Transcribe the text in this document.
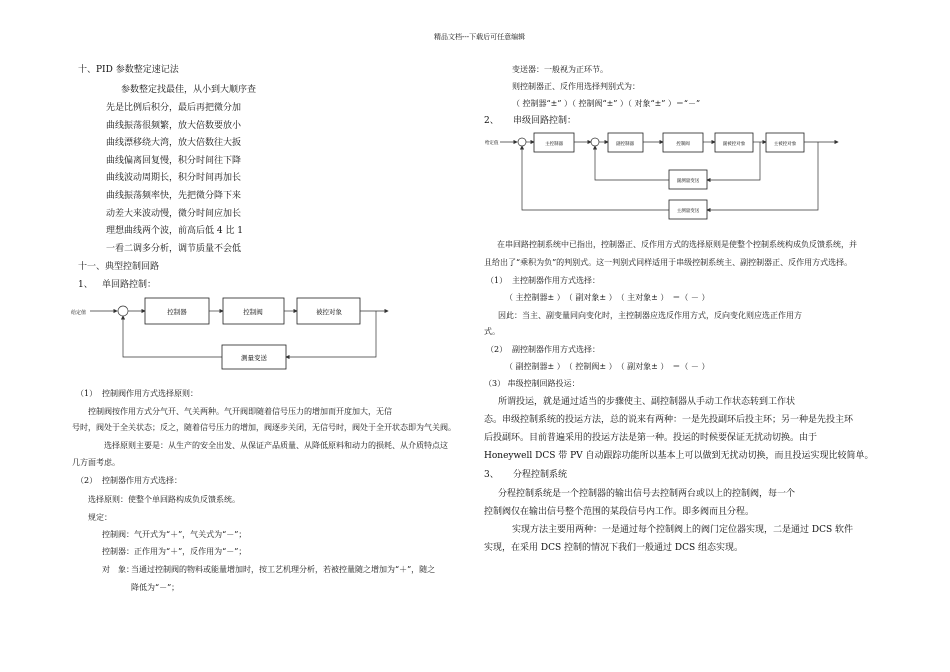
精品文档---下载后可任意编辑
十、PID 参数整定速记法
参数整定找最佳，从小到大顺序查
先是比例后积分，最后再把微分加
曲线振荡很频繁，放大倍数要放小
曲线漂移绕大湾，放大倍数往大扳
曲线偏离回复慢，积分时间往下降
曲线波动周期长，积分时间再加长
曲线振荡频率快，先把微分降下来
动差大来波动慢，微分时间应加长
理想曲线两个波，前高后低 4 比 1
一看二调多分析，调节质量不会低
十一、典型控制回路
1、 单回路控制：
给定值	控制器	控制阀	被控对象
测量变送
（1） 控制阀作用方式选择原则：
控制阀按作用方式分气开、气关两种。气开阀即随着信号压力的增加而开度加大，无信
号时，阀处于全关状态；反之，随着信号压力的增加，阀逐步关闭，无信号时，阀处于全开状态即为气关阀。
选择原则主要是：从生产的安全出发、从保证产品质量、从降低原料和动力的损耗、从介质特点这
几方面考虑。
（2） 控制器作用方式选择：
选择原则：使整个单回路构成负反馈系统。
规定：
控制阀：气开式为“＋”，气关式为“－”；
控制器：正作用为“＋”，反作用为“－”；
对　象：
当通过控制阀的物料或能量增加时，按工艺机理分析，若被控量随之增加为“＋”，随之
降低为“－”；
变送器：一般视为正环节。
则控制器正、反作用选择判别式为：
（ 控制器“±” ）（ 控制阀“±” ）（ 对象“±” ）＝“－”
2、 串级回路控制：
给定值	主控制器	副控制器	控制阀	副被控对象	主被控对象
副测量变送
主测量变送
在串回路控制系统中已指出，控制器正、反作用方式的选择原则是使整个控制系统构成负反馈系统，并
且给出了“乘积为负”的判别式。这一判别式同样适用于串级控制系统主、副控制器正、反作用方式选择。
（1） 主控制器作用方式选择：
（ 主控制器± ）　（ 副对象± ）　（ 主对象± ）　＝（ － ）
因此：当主、副变量同向变化时，主控制器应选反作用方式，反向变化则应选正作用方
式。
（2） 副控制器作用方式选择：
（ 副控制器± ）　（ 控制阀± ）　（ 副对象± ）　＝（ － ）
（3） 串级控制回路投运：
所谓投运，就是通过适当的步骤使主、副控制器从手动工作状态转到工作状
态。串级控制系统的投运方法，总的说来有两种：一是先投副环后投主环；另一种是先投主环
后投副环。目前普遍采用的投运方法是第一种。投运的时候要保证无扰动切换。由于
Honeywell DCS 带 PV 自动跟踪功能所以基本上可以做到无扰动切换，而且投运实现比较简单。
3、 分程控制系统
分程控制系统是一个控制器的输出信号去控制两台或以上的控制阀，每一个
控制阀仅在输出信号整个范围的某段信号内工作。即多阀而且分程。
实现方法主要用两种：一是通过每个控制阀上的阀门定位器实现，二是通过 DCS 软件
实现，在采用 DCS 控制的情况下我们一般通过 DCS 组态实现。
